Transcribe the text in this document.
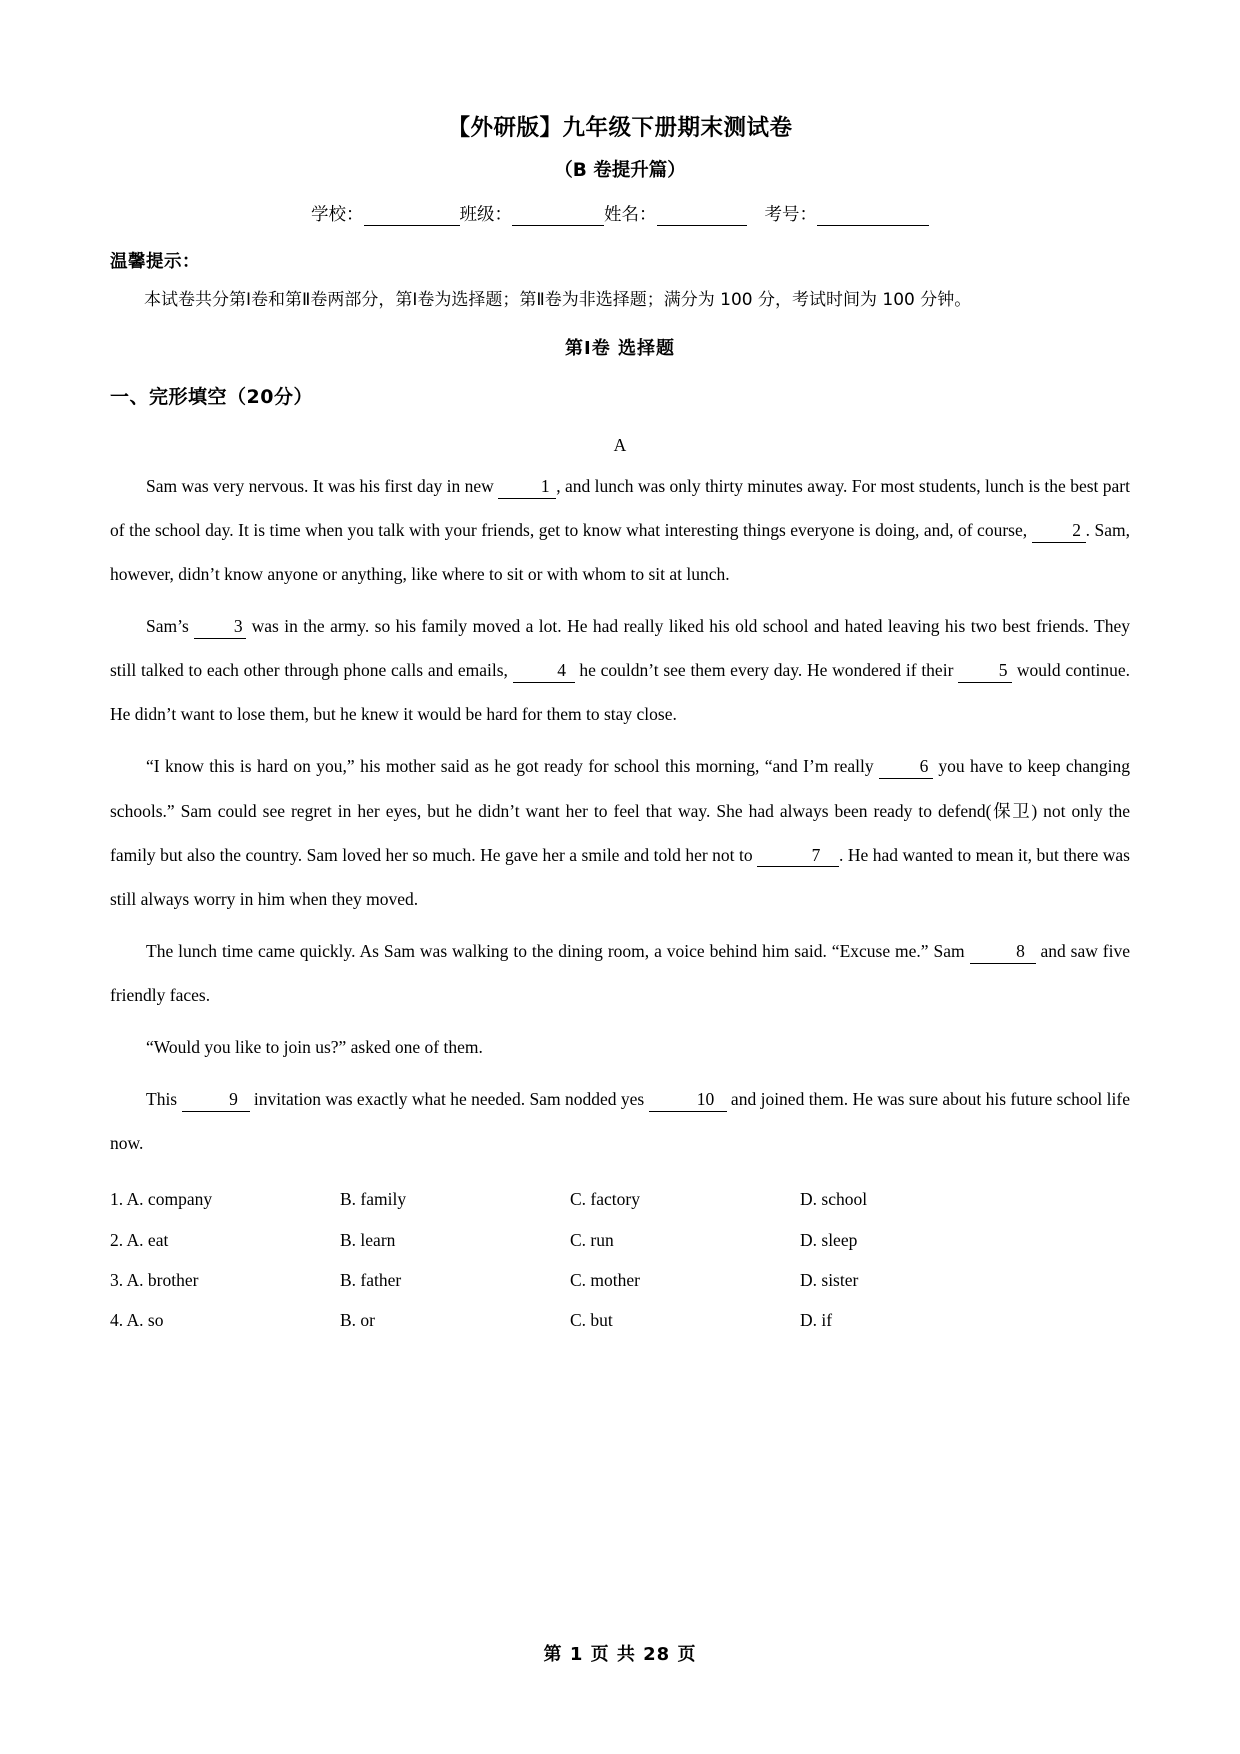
【外研版】九年级下册期末测试卷
（B 卷提升篇）
学校：	班级：	姓名：	考号：
温馨提示：

本试卷共分第Ⅰ卷和第Ⅱ卷两部分，第Ⅰ卷为选择题；第Ⅱ卷为非选择题；满分为 100 分，考试时间为 100 分钟。

第Ⅰ卷 选择题
一、完形填空（20分）
A

Sam was very nervous. It was his first day in new 1 , and lunch was only thirty minutes away. For most students, lunch is the best part of the school day. It is time when you talk with your friends, get to know what interesting things everyone is doing, and, of course, 2 . Sam, however, didn’t know anyone or anything, like where to sit or with whom to sit at lunch.

Sam’s 3 was in the army. so his family moved a lot. He had really liked his old school and hated leaving his two best friends. They still talked to each other through phone calls and emails,	4 he couldn’t see them every day. He wondered if their 5 would continue. He didn’t want to lose them, but he knew it would be hard for them to stay close.

“I know this is hard on you,” his mother said as he got ready for school this morning, “and I’m really 6 you have to keep changing schools.” Sam could see regret in her eyes, but he didn’t want her to feel that way. She had always been ready to defend(保卫) not only the family but also the country. Sam loved her so much. He gave her a smile and told her not to	7 . He had wanted to mean it, but there was still always worry in him when they moved.

The lunch time came quickly. As Sam was walking to the dining room, a voice behind him said. “Excuse me.” Sam	8 and saw five friendly faces.

“Would you like to join us?” asked one of them.

This	9 invitation was exactly what he needed. Sam nodded yes	10 and joined them. He was sure about his future school life now.

1. A. company	B. family	C. factory	D. school
2. A. eat	B. learn	C. run	D. sleep
3. A. brother	B. father	C. mother	D. sister
4. A. so	B. or	C. but	D. if
第 1 页 共 28 页
